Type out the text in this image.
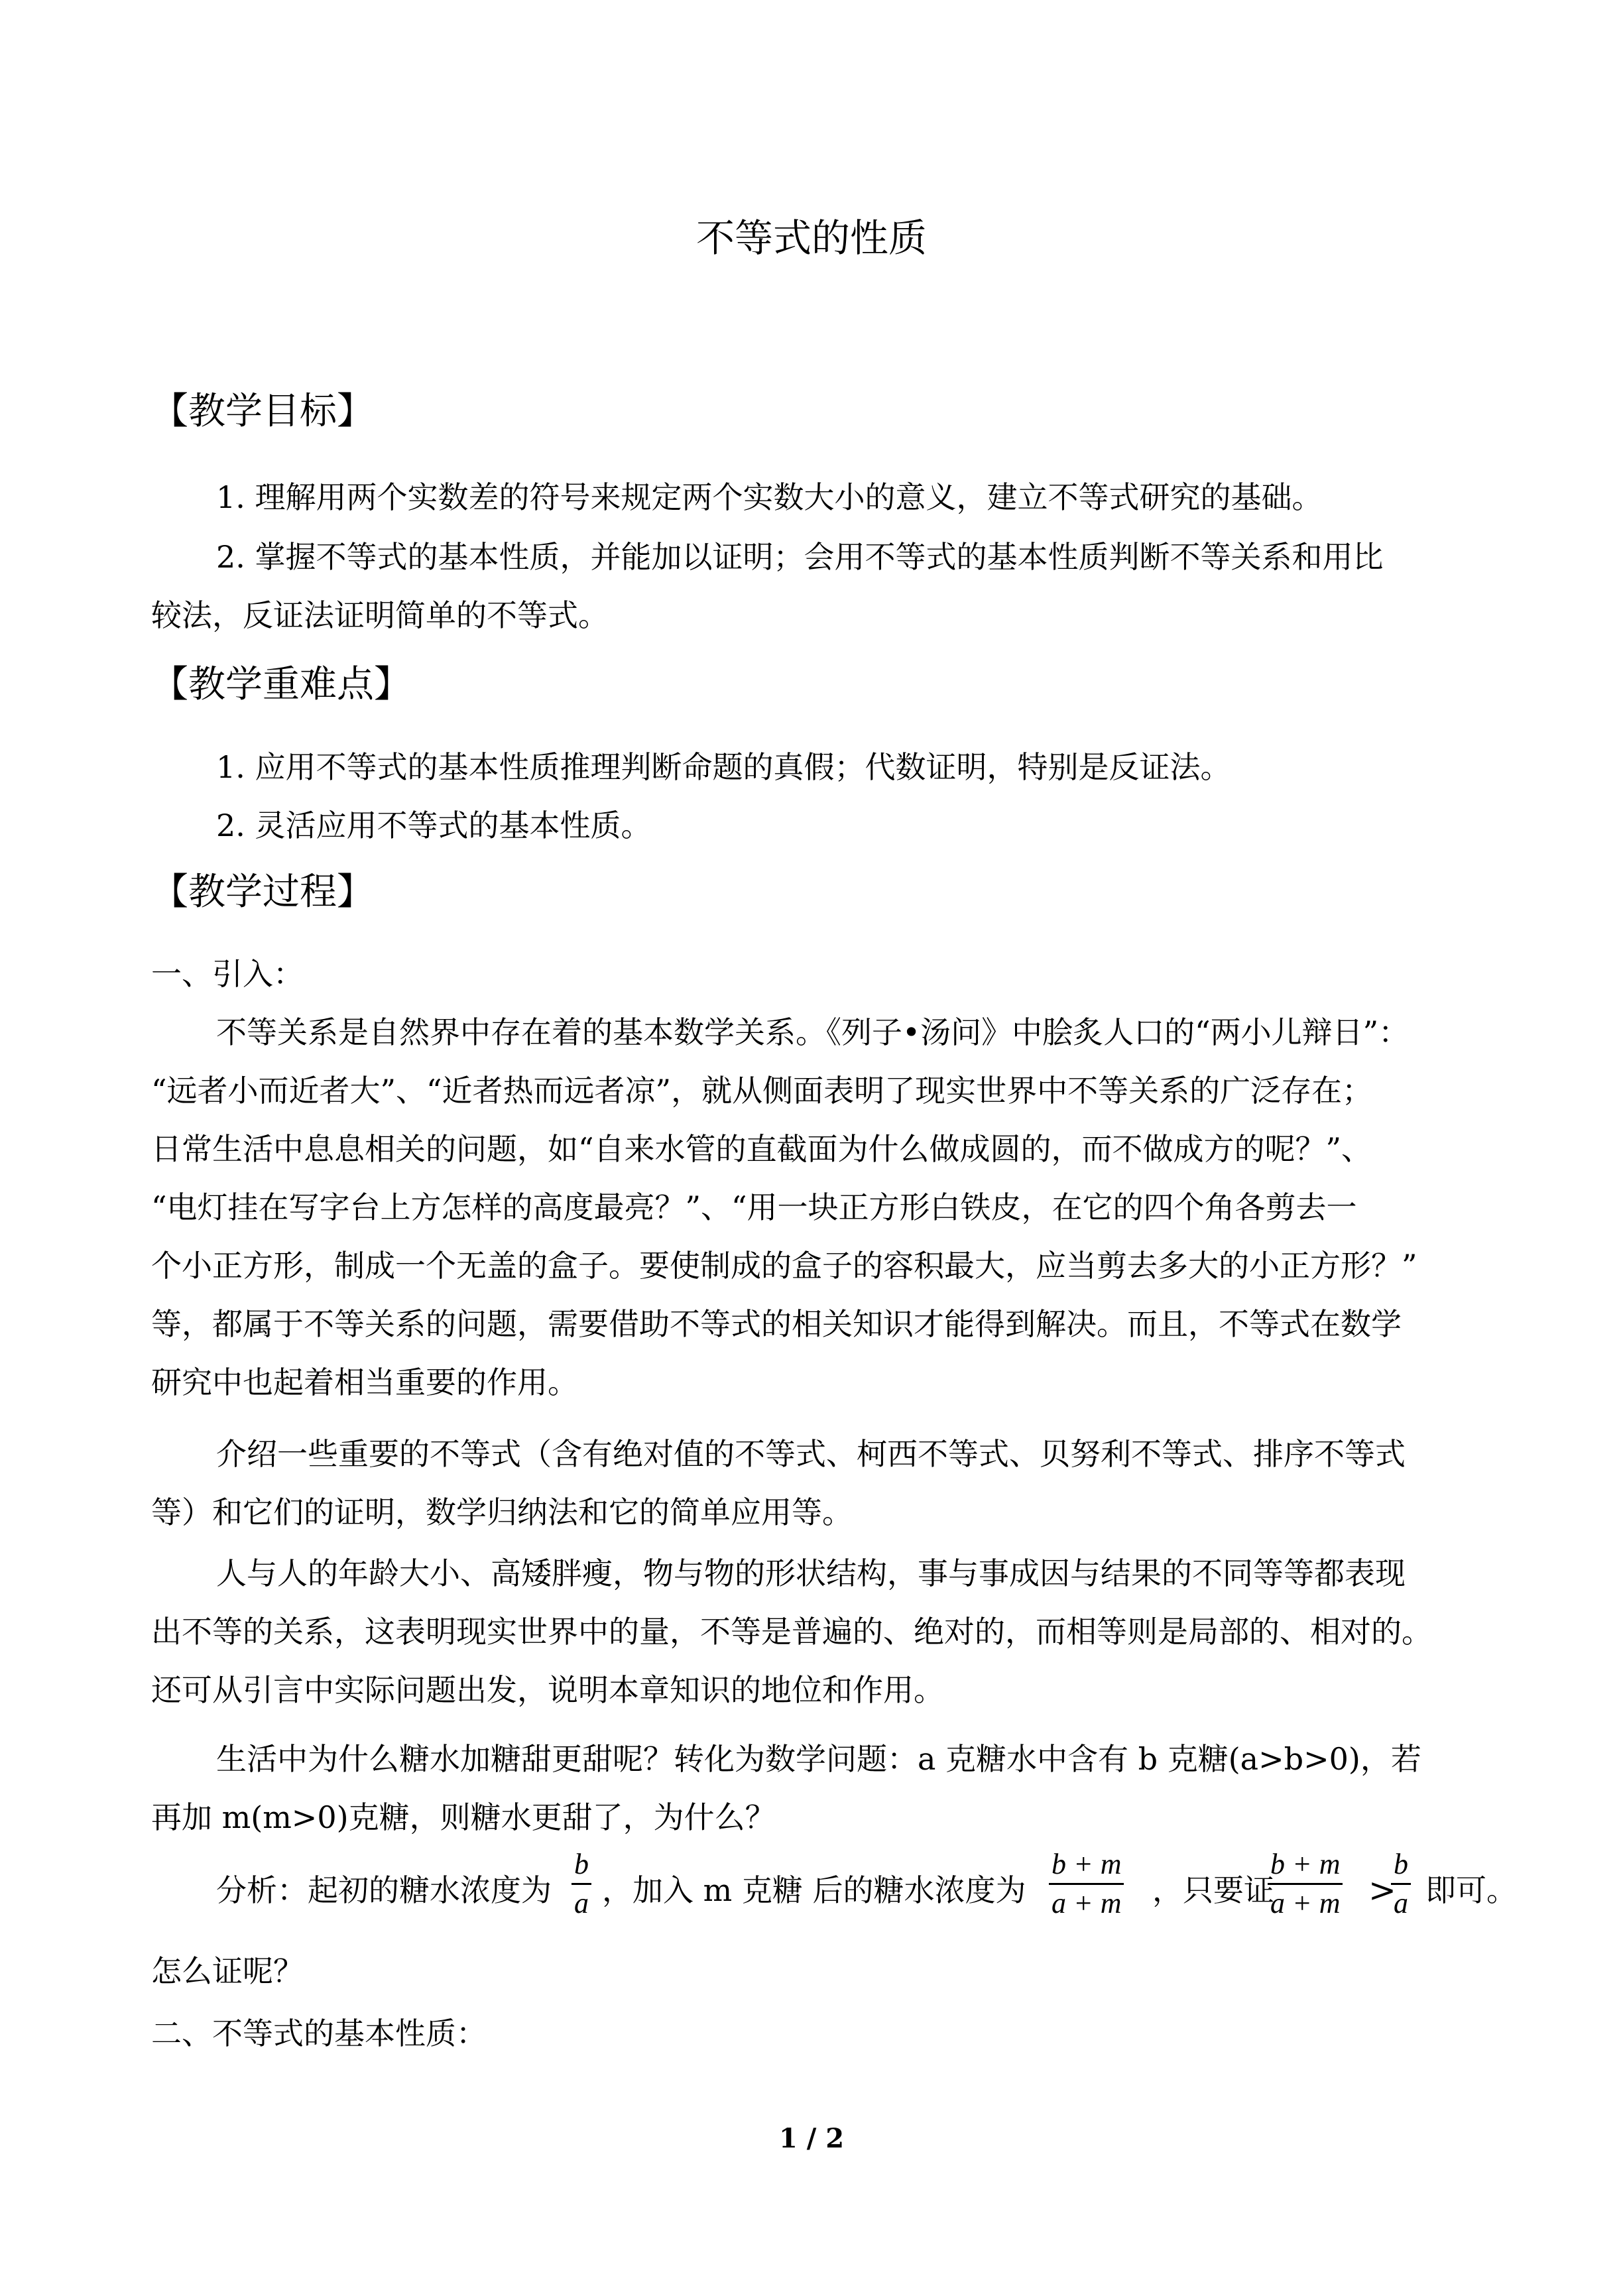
不等式的性质
【教学目标】
1. 理解用两个实数差的符号来规定两个实数大小的意义，建立不等式研究的基础。
2. 掌握不等式的基本性质，并能加以证明；会用不等式的基本性质判断不等关系和用比
较法，反证法证明简单的不等式。
【教学重难点】
1. 应用不等式的基本性质推理判断命题的真假；代数证明，特别是反证法。
2. 灵活应用不等式的基本性质。
【教学过程】
一、引入：
不等关系是自然界中存在着的基本数学关系。《列子•汤问》中脍炙人口的“两小儿辩日”：
“远者小而近者大”、“近者热而远者凉”，就从侧面表明了现实世界中不等关系的广泛存在；
日常生活中息息相关的问题，如“自来水管的直截面为什么做成圆的，而不做成方的呢？”、
“电灯挂在写字台上方怎样的高度最亮？”、“用一块正方形白铁皮，在它的四个角各剪去一
个小正方形，制成一个无盖的盒子。要使制成的盒子的容积最大，应当剪去多大的小正方形？”
等，都属于不等关系的问题，需要借助不等式的相关知识才能得到解决。而且，不等式在数学
研究中也起着相当重要的作用。
介绍一些重要的不等式（含有绝对值的不等式、柯西不等式、贝努利不等式、排序不等式
等）和它们的证明，数学归纳法和它的简单应用等。
人与人的年龄大小、高矮胖瘦，物与物的形状结构，事与事成因与结果的不同等等都表现
出不等的关系，这表明现实世界中的量，不等是普遍的、绝对的，而相等则是局部的、相对的。
还可从引言中实际问题出发，说明本章知识的地位和作用。
生活中为什么糖水加糖甜更甜呢？转化为数学问题：a 克糖水中含有 b 克糖(a>b>0)，若
再加 m(m>0)克糖，则糖水更甜了，为什么？
分析：起初的糖水浓度为 $\frac{b}{a}$ ，加入 m 克糖 后的糖水浓度为 $\frac{b + m}{a + m}$ ，只要证
$\frac{b + m}{a + m}$ >
$\frac{b}{a}$ 即可。
怎么证呢？
二、不等式的基本性质：
1 / 2
